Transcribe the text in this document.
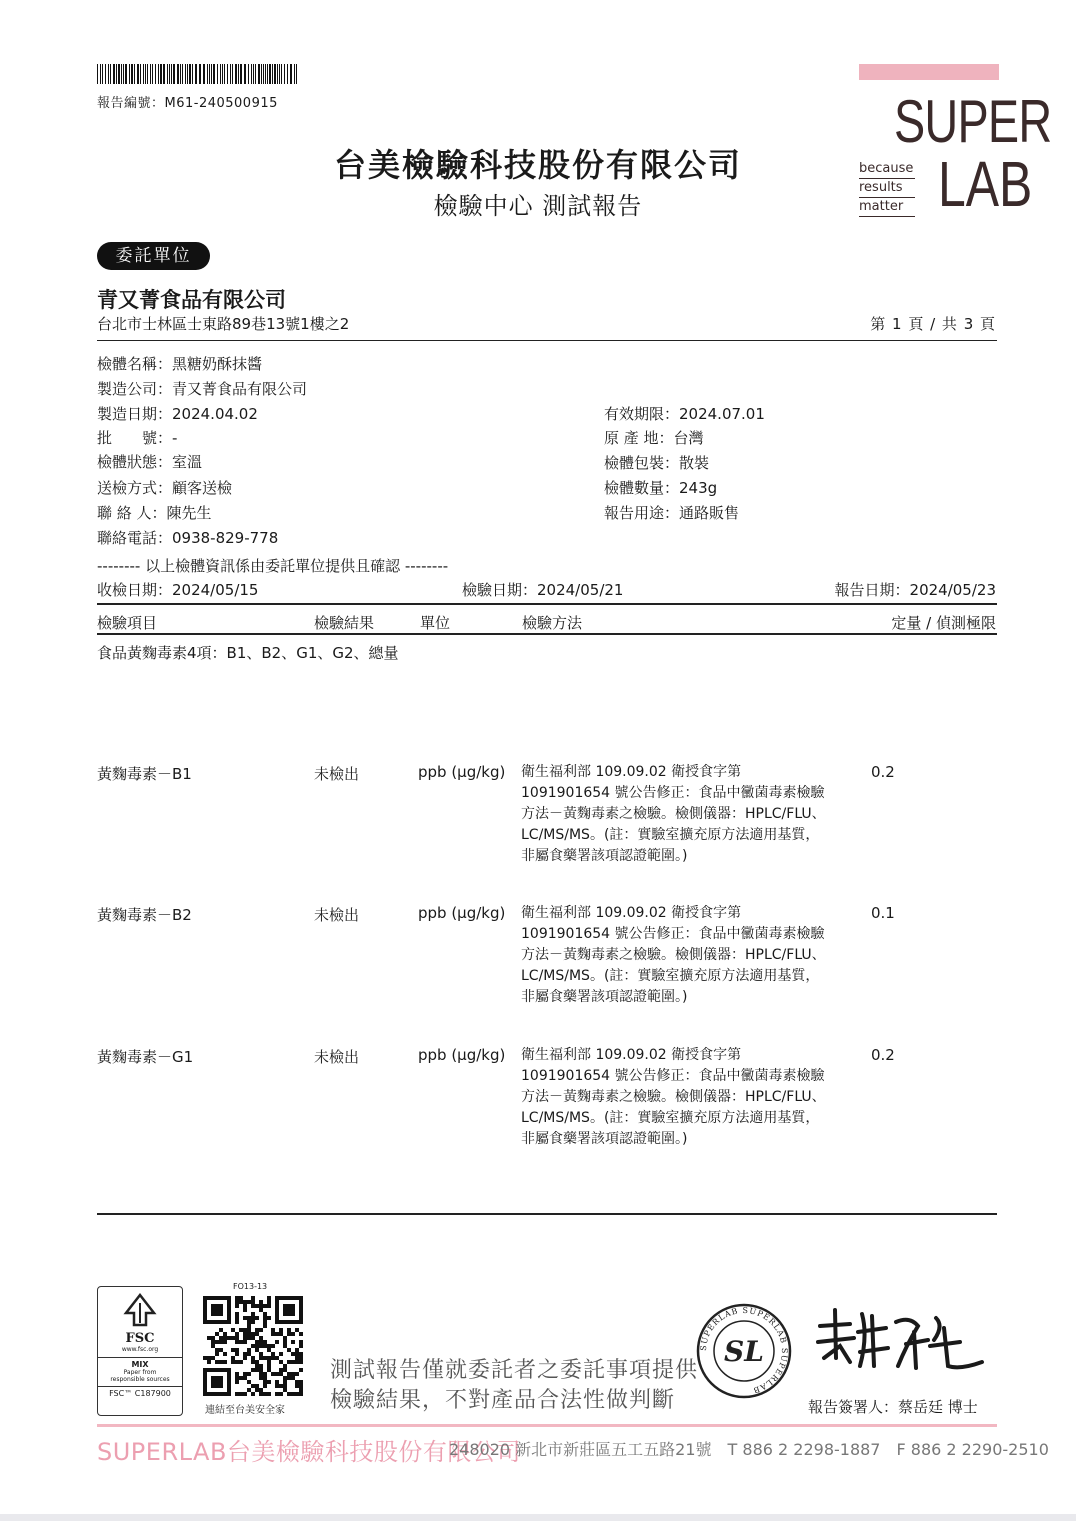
報告編號：M61-240500915	SUPER
LAB
because
results
matter
台美檢驗科技股份有限公司
檢驗中心 測試報告
委託單位
青又菁食品有限公司
台北市士林區士東路89巷13號1樓之2	第 1 頁 / 共 3 頁
檢體名稱：黑糖奶酥抹醬
製造公司：青又菁食品有限公司
製造日期：2024.04.02
批　　號：-
檢體狀態：室溫
送檢方式：顧客送檢
聯 絡 人：陳先生
聯絡電話：0938-829-778
有效期限：2024.07.01
原 產 地：台灣
檢體包裝：散裝
檢體數量：243g
報告用途：通路販售
-------- 以上檢體資訊係由委託單位提供且確認 --------
收檢日期：2024/05/15	檢驗日期：2024/05/21	報告日期：2024/05/23
檢驗項目	檢驗結果	單位	檢驗方法	定量 / 偵測極限
食品黃麴毒素4項：B1、B2、G1、G2、總量
黃麴毒素－B1	未檢出	ppb (μg/kg) 衛生福利部 109.09.02 衛授食字第
1091901654 號公告修正：食品中黴菌毒素檢驗
方法－黃麴毒素之檢驗。檢側儀器：HPLC/FLU、
LC/MS/MS。(註：實驗室擴充原方法適用基質，
非屬食藥署該項認證範圍。)
0.2
黃麴毒素－B2	未檢出	ppb (μg/kg) 衛生福利部 109.09.02 衛授食字第
1091901654 號公告修正：食品中黴菌毒素檢驗
方法－黃麴毒素之檢驗。檢側儀器：HPLC/FLU、
LC/MS/MS。(註：實驗室擴充原方法適用基質，
非屬食藥署該項認證範圍。)
0.1
黃麴毒素－G1	未檢出	ppb (μg/kg) 衛生福利部 109.09.02 衛授食字第
1091901654 號公告修正：食品中黴菌毒素檢驗
方法－黃麴毒素之檢驗。檢側儀器：HPLC/FLU、
LC/MS/MS。(註：實驗室擴充原方法適用基質，
非屬食藥署該項認證範圍。)
0.2
FSC
www.fsc.org
MIX
Paper from
responsible sources
FSC™ C187900
FO13-13
連結至台美安全家
測試報告僅就委託者之委託事項提供
檢驗結果，不對產品合法性做判斷
SUPERLAB SUPERLAB SUPERLAB
SL
報告簽署人：蔡岳廷 博士
SUPERLAB台美檢驗科技股份有限公司
248020 新北市新莊區五工五路21號　T 886 2 2298-1887　F 886 2 2290-2510
